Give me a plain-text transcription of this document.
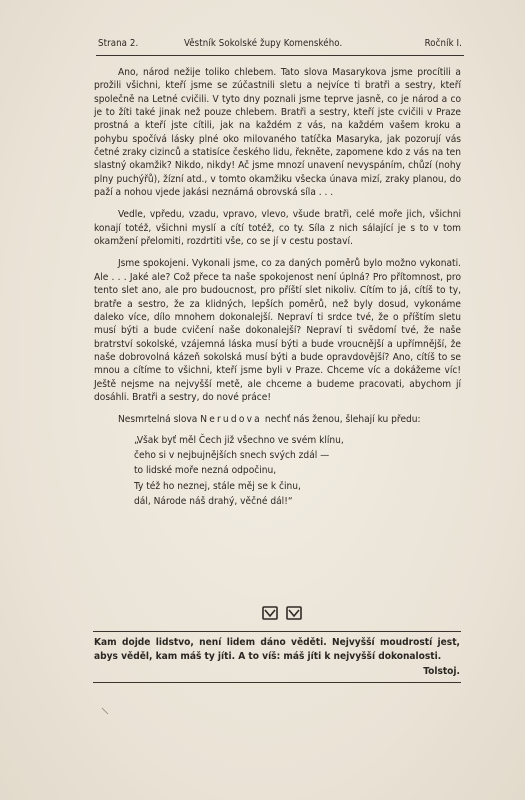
Strana 2.	Věstník Sokolské župy Komenského.	Ročník I.

Ano, národ nežije toliko chlebem. Tato slova Masarykova jsme procítili a prožili všichni, kteří jsme se zúčastnili sletu a nejvíce ti bratři a sestry, kteří společně na Letné cvičili. V tyto dny poznali jsme teprve jasně, co je národ a co je to žíti také jinak než pouze chlebem. Bratři a sestry, kteří jste cvičili v Praze prostná a kteří jste cítili, jak na každém z vás, na každém vašem kroku a pohybu spočívá lásky plné oko milovaného tatíčka Masaryka, jak pozorují vás četné zraky cizinců a statisíce českého lidu, řekněte, zapomene kdo z vás na ten slastný okamžik? Nikdo, nikdy! Ač jsme mnozí unavení nevyspáním, chůzí (nohy plny puchýřů), žízní atd., v tomto okamžiku všecka únava mizí, zraky planou, do paží a nohou vjede jakási neznámá obrovská síla . . .

Vedle, vpředu, vzadu, vpravo, vlevo, všude bratři, celé moře jich, všichni konají totéž, všichni myslí a cítí totéž, co ty. Síla z nich sálající je s to v tom okamžení přelomiti, rozdrtiti vše, co se jí v cestu postaví.

Jsme spokojeni. Vykonali jsme, co za daných poměrů bylo možno vykonati. Ale . . . Jaké ale? Což přece ta naše spokojenost není úplná? Pro přítomnost, pro tento slet ano, ale pro budoucnost, pro příští slet nikoliv. Cítím to já, cítíš to ty, bratře a sestro, že za klidných, lepších poměrů, než byly dosud, vykonáme daleko více, dílo mnohem dokonalejší. Nepraví ti srdce tvé, že o příštím sletu musí býti a bude cvičení naše dokonalejší? Nepraví ti svědomí tvé, že naše bratrství sokolské, vzájemná láska musí býti a bude vroucnější a upřímnější, že naše dobrovolná kázeň sokolská musí býti a bude opravdovější? Ano, cítíš to se mnou a cítíme to všichni, kteří jsme byli v Praze. Chceme víc a dokážeme víc! Ještě nejsme na nejvyšší metě, ale chceme a budeme pracovati, abychom jí dosáhli. Bratři a sestry, do nové práce!

Nesmrtelná slova Nerudova nechť nás ženou, šlehají ku předu:

„Však byť měl Čech již všechno ve svém klínu,
čeho si v nejbujnějších snech svých zdál —
to lidské moře nezná odpočinu,
Ty též ho neznej, stále měj se k činu,
dál, Národe náš drahý, věčné dál!“
Kam dojde lidstvo, není lidem dáno věděti. Nejvyšší moudrostí jest, abys věděl, kam máš ty jíti. A to víš: máš jíti k nejvyšší dokonalosti.
Tolstoj.
